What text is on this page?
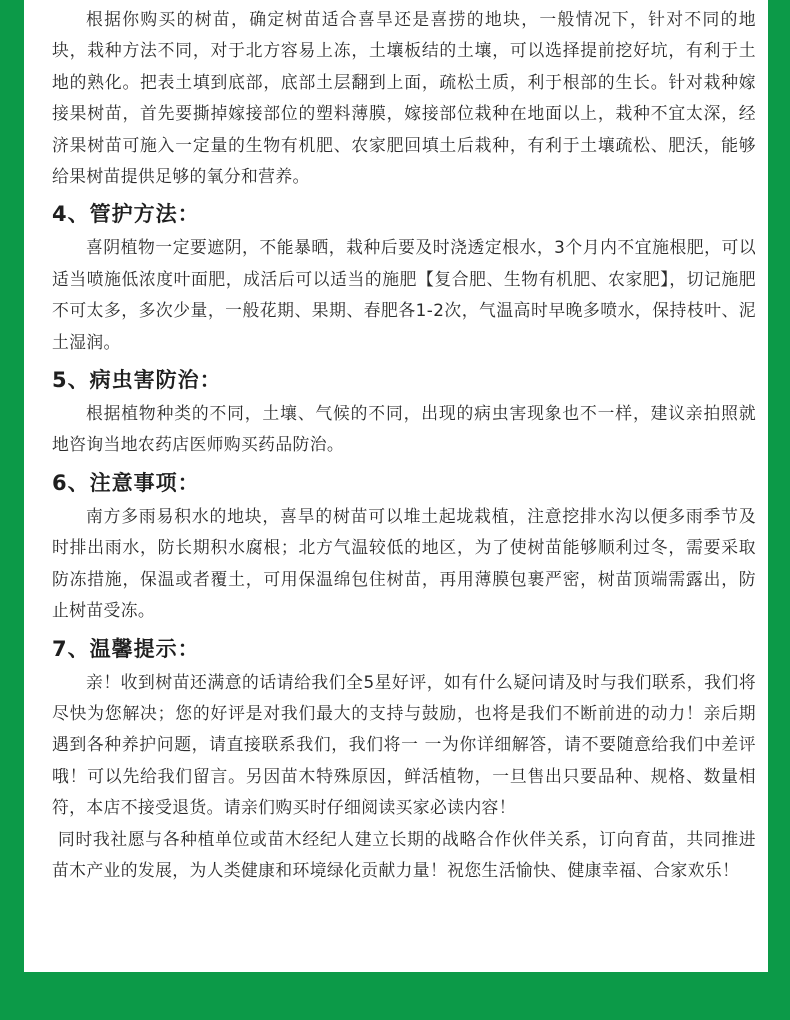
根据你购买的树苗，确定树苗适合喜旱还是喜捞的地块，一般情况下，针对不同的地块，栽种方法不同，对于北方容易上冻，土壤板结的土壤，可以选择提前挖好坑，有利于土地的熟化。把表土填到底部，底部土层翻到上面，疏松土质，利于根部的生长。针对栽种嫁接果树苗，首先要撕掉嫁接部位的塑料薄膜，嫁接部位栽种在地面以上，栽种不宜太深，经济果树苗可施入一定量的生物有机肥、农家肥回填土后栽种，有利于土壤疏松、肥沃，能够给果树苗提供足够的氧分和营养。

4、管护方法：

喜阴植物一定要遮阴，不能暴晒，栽种后要及时浇透定根水，3个月内不宜施根肥，可以适当喷施低浓度叶面肥，成活后可以适当的施肥【复合肥、生物有机肥、农家肥】，切记施肥不可太多，多次少量，一般花期、果期、春肥各1-2次，气温高时早晚多喷水，保持枝叶、泥土湿润。

5、病虫害防治：

根据植物种类的不同，土壤、气候的不同，出现的病虫害现象也不一样，建议亲拍照就地咨询当地农药店医师购买药品防治。

6、注意事项：

南方多雨易积水的地块，喜旱的树苗可以堆土起垅栽植，注意挖排水沟以便多雨季节及时排出雨水，防长期积水腐根；北方气温较低的地区，为了使树苗能够顺利过冬，需要采取防冻措施，保温或者覆土，可用保温绵包住树苗，再用薄膜包裹严密，树苗顶端需露出，防止树苗受冻。

7、温馨提示：

亲！收到树苗还满意的话请给我们全5星好评，如有什么疑问请及时与我们联系，我们将尽快为您解决；您的好评是对我们最大的支持与鼓励，也将是我们不断前进的动力！亲后期遇到各种养护问题，请直接联系我们，我们将一 一为你详细解答，请不要随意给我们中差评哦！可以先给我们留言。另因苗木特殊原因，鲜活植物，一旦售出只要品种、规格、数量相符，本店不接受退货。请亲们购买时仔细阅读买家必读内容！

同时我社愿与各种植单位或苗木经纪人建立长期的战略合作伙伴关系，订向育苗，共同推进苗木产业的发展，为人类健康和环境绿化贡献力量！祝您生活愉快、健康幸福、合家欢乐！
